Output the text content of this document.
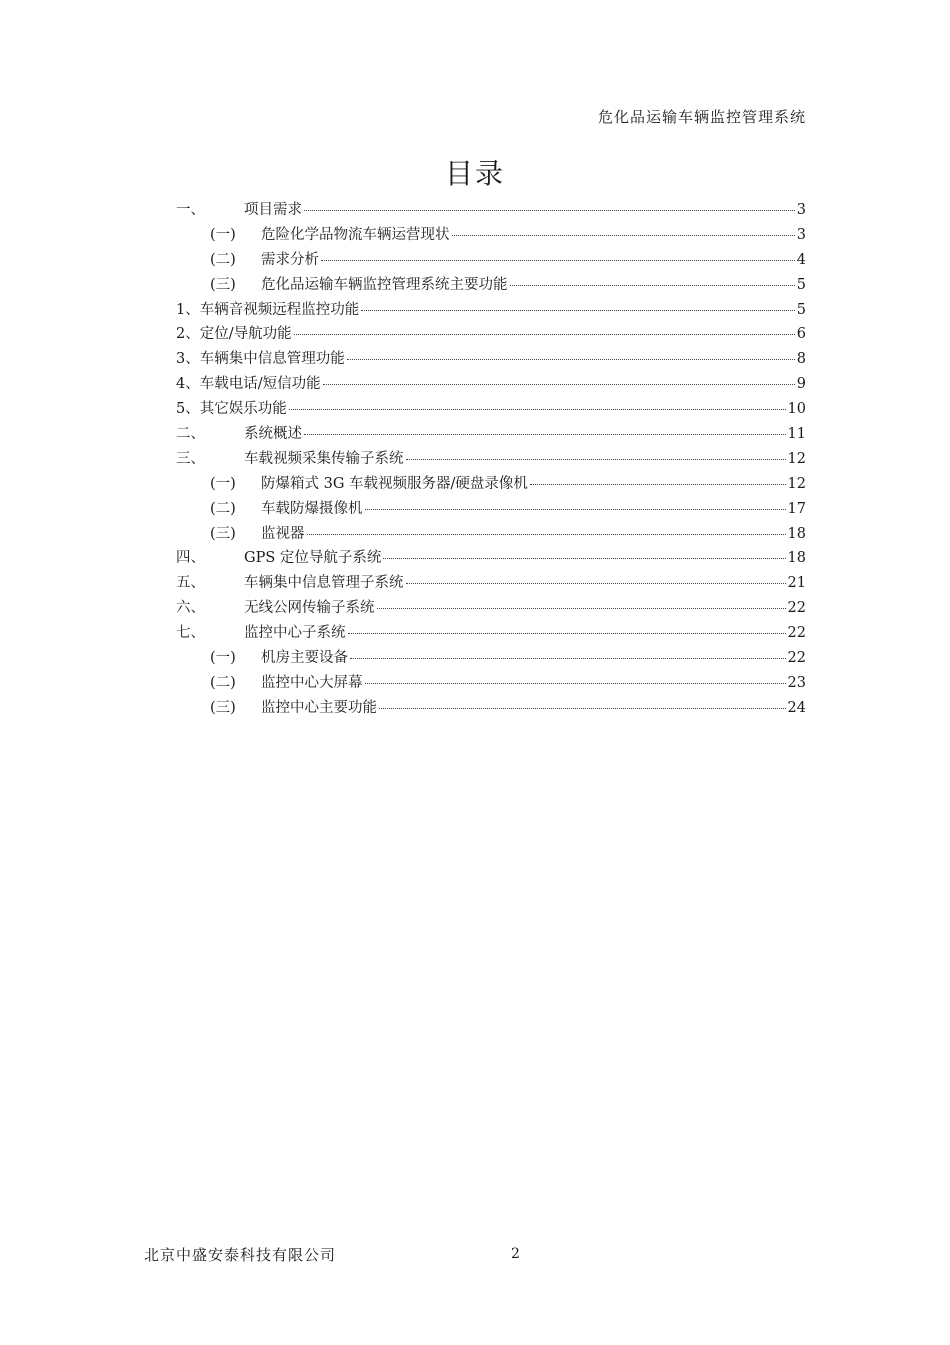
危化品运输车辆监控管理系统
目录
一、	项目需求	3
(一)	危险化学品物流车辆运营现状	3
(二)	需求分析	4
(三)	危化品运输车辆监控管理系统主要功能	5
1、 车辆音视频远程监控功能	5
2、 定位/导航功能	6
3、 车辆集中信息管理功能	8
4、 车载电话/短信功能	9
5、 其它娱乐功能	10
二、	系统概述	11
三、	车载视频采集传输子系统	12
(一)	防爆箱式 3G 车载视频服务器/硬盘录像机	12
(二)	车载防爆摄像机	17
(三)	监视器	18
四、	GPS 定位导航子系统	18
五、	车辆集中信息管理子系统	21
六、	无线公网传输子系统	22
七、	监控中心子系统	22
(一)	机房主要设备	22
(二)	监控中心大屏幕	23
(三)	监控中心主要功能	24
北京中盛安泰科技有限公司	2
